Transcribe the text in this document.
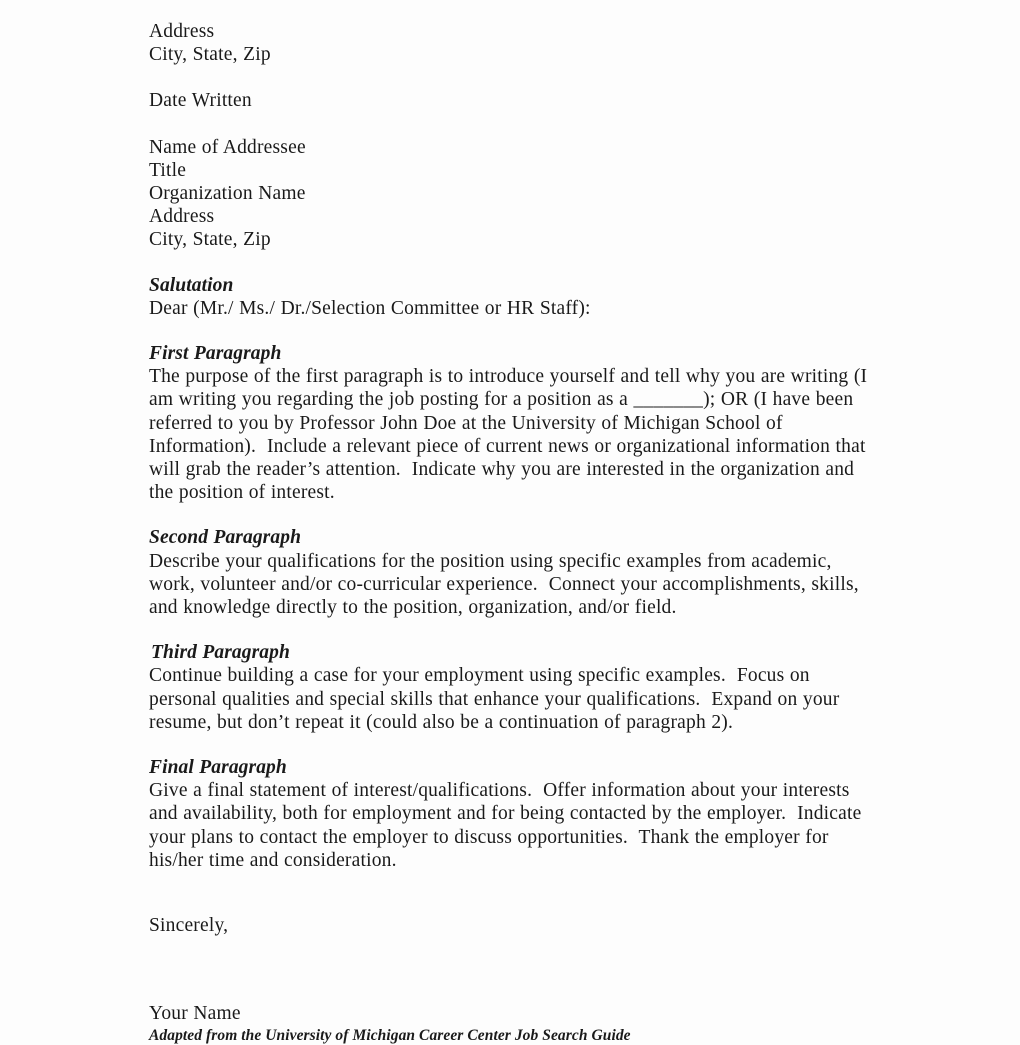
Address
City, State, Zip
Date Written
Name of Addressee
Title
Organization Name
Address
City, State, Zip

Salutation

Dear (Mr./ Ms./ Dr./Selection Committee or HR Staff):

First Paragraph

The purpose of the first paragraph is to introduce yourself and tell why you are writing (I am writing you regarding the job posting for a position as a _______); OR (I have been referred to you by Professor John Doe at the University of Michigan School of Information).  Include a relevant piece of current news or organizational information that will grab the reader’s attention.  Indicate why you are interested in the organization and the position of interest.

Second Paragraph

Describe your qualifications for the position using specific examples from academic, work, volunteer and/or co-curricular experience.  Connect your accomplishments, skills, and knowledge directly to the position, organization, and/or field.

Third Paragraph

Continue building a case for your employment using specific examples.  Focus on personal qualities and special skills that enhance your qualifications.  Expand on your resume, but don’t repeat it (could also be a continuation of paragraph 2).

Final Paragraph

Give a final statement of interest/qualifications.  Offer information about your interests and availability, both for employment and for being contacted by the employer.  Indicate your plans to contact the employer to discuss opportunities.  Thank the employer for his/her time and consideration.

Sincerely,

Your Name

Adapted from the University of Michigan Career Center Job Search Guide
